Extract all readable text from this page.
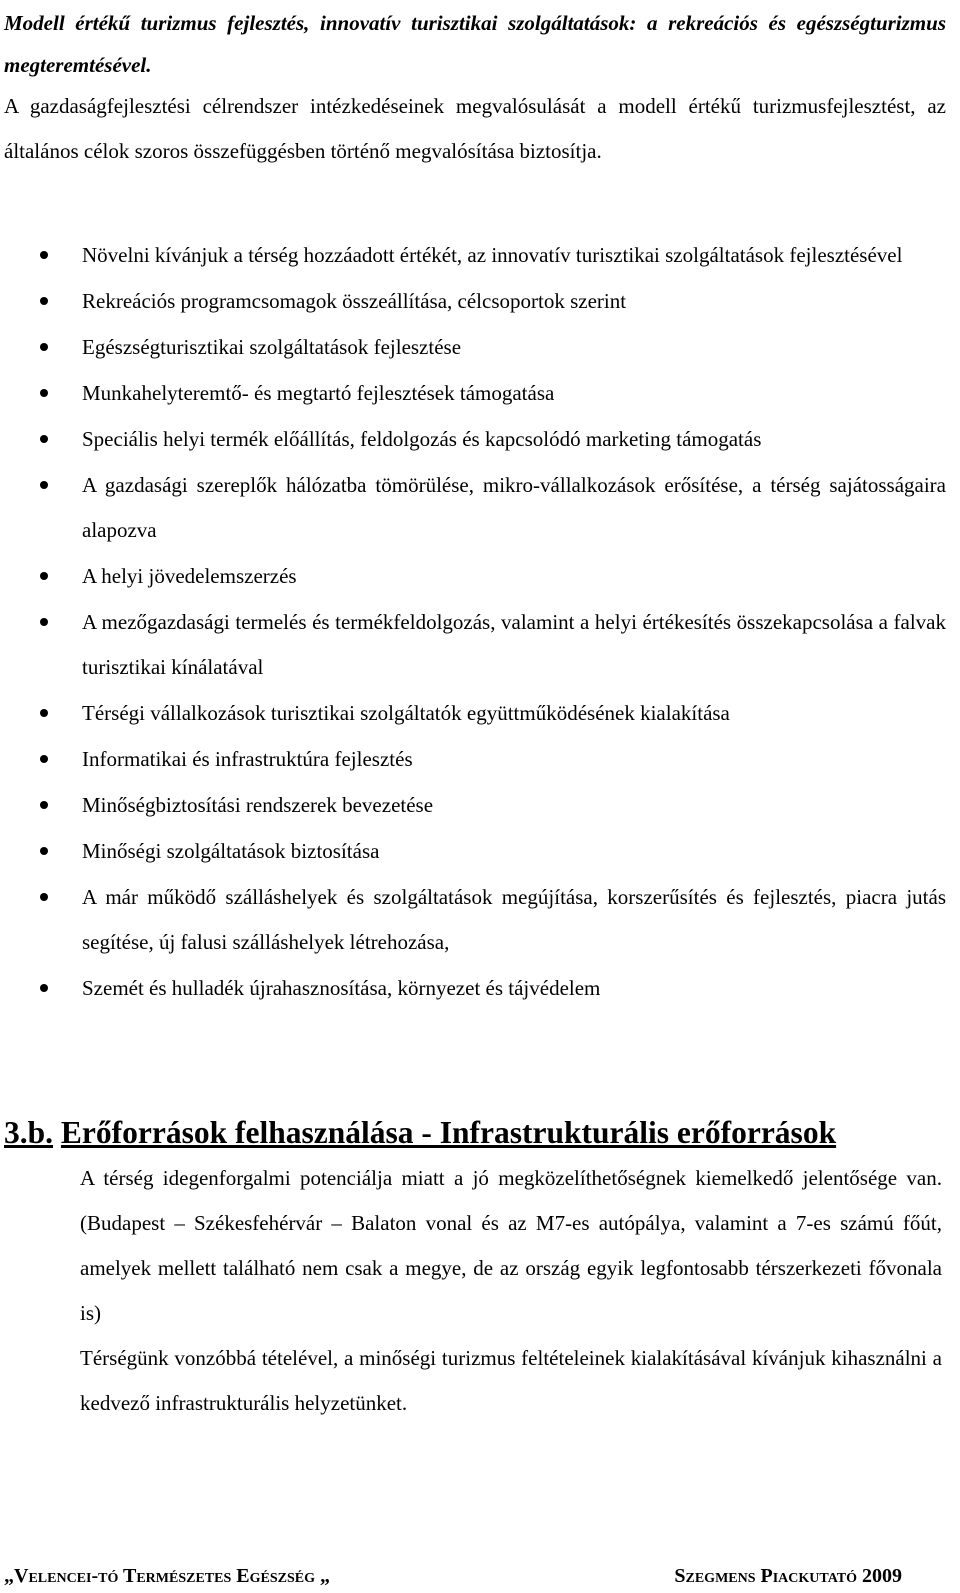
Modell értékű turizmus fejlesztés, innovatív turisztikai szolgáltatások: a rekreációs és egészségturizmus megteremtésével.

A gazdaságfejlesztési célrendszer intézkedéseinek megvalósulását a modell értékű turizmusfejlesztést, az általános célok szoros összefüggésben történő megvalósítása biztosítja.

Növelni kívánjuk a térség hozzáadott értékét, az innovatív turisztikai szolgáltatások fejlesztésével
Rekreációs programcsomagok összeállítása, célcsoportok szerint
Egészségturisztikai szolgáltatások fejlesztése
Munkahelyteremtő- és megtartó fejlesztések támogatása
Speciális helyi termék előállítás, feldolgozás és kapcsolódó marketing támogatás
A gazdasági szereplők hálózatba tömörülése, mikro-vállalkozások erősítése, a térség sajátosságaira alapozva
A helyi jövedelemszerzés
A mezőgazdasági termelés és termékfeldolgozás, valamint a helyi értékesítés összekapcsolása a falvak turisztikai kínálatával
Térségi vállalkozások turisztikai szolgáltatók együttműködésének kialakítása
Informatikai és infrastruktúra fejlesztés
Minőségbiztosítási rendszerek bevezetése
Minőségi szolgáltatások biztosítása
A már működő szálláshelyek és szolgáltatások megújítása, korszerűsítés és fejlesztés, piacra jutás segítése, új falusi szálláshelyek létrehozása,
Szemét és hulladék újrahasznosítása, környezet és tájvédelem
3.b. Erőforrások felhasználása - Infrastrukturális erőforrások

A térség idegenforgalmi potenciálja miatt a jó megközelíthetőségnek kiemelkedő jelentősége van. (Budapest – Székesfehérvár – Balaton vonal és az M7-es autópálya, valamint a 7-es számú főút, amelyek mellett található nem csak a megye, de az ország egyik legfontosabb térszerkezeti fővonala is)

Térségünk vonzóbbá tételével, a minőségi turizmus feltételeinek kialakításával kívánjuk kihasználni a kedvező infrastrukturális helyzetünket.

„Velencei-tó Természetes Egészség „	Szegmens Piackutató 2009
